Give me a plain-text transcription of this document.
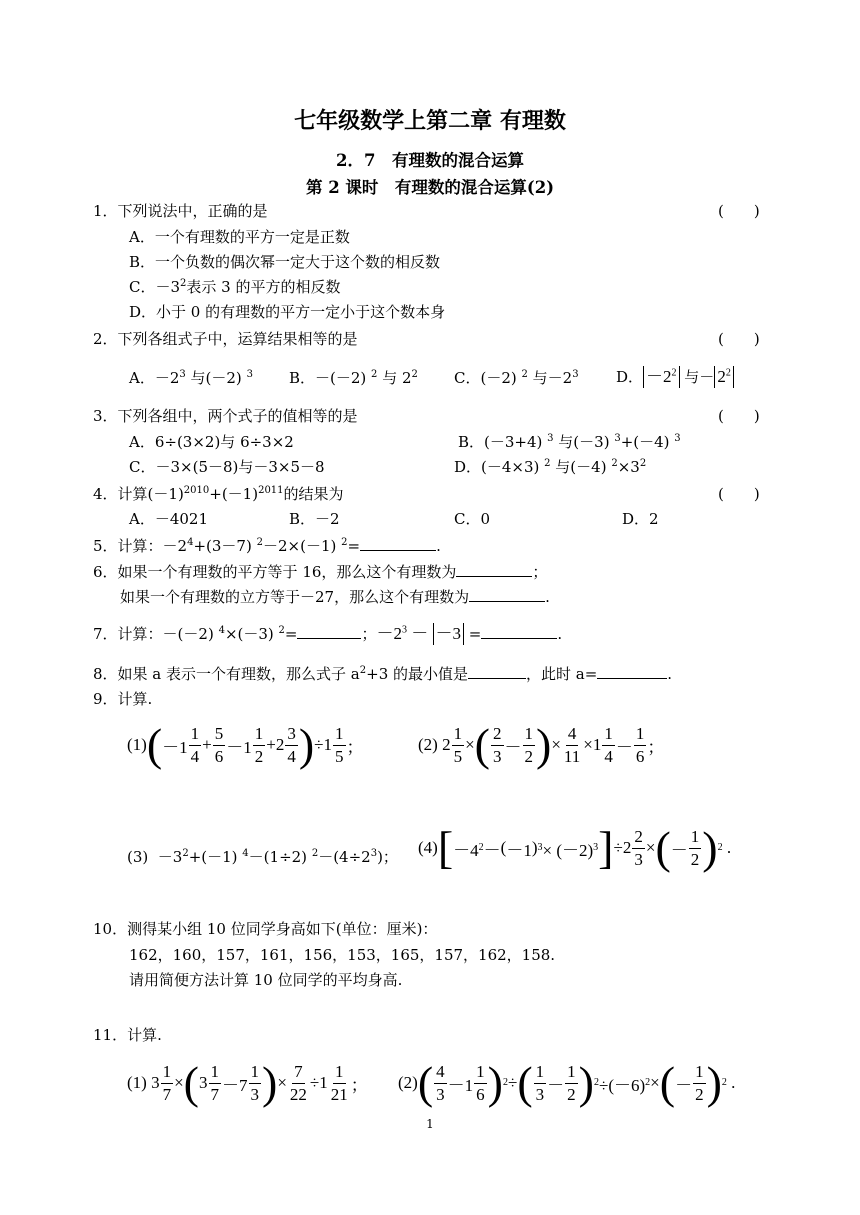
七年级数学上第二章 有理数
2．7　有理数的混合运算
第 2 课时　有理数的混合运算(2)
1．下列说法中，正确的是	(　　)
A．一个有理数的平方一定是正数
B．一个负数的偶次幂一定大于这个数的相反数
C．$-3^2$表示 3 的平方的相反数
D．小于 0 的有理数的平方一定小于这个数本身
2．下列各组式子中，运算结果相等的是	(　　)
A．$-2^3$ 与(－2) $^3$ B．－(－2) $^2$ 与 $2^2$ C．(－2) $^2$ 与$-2^3$ D． $-2^2$ 与－ $2^2$
3．下列各组中，两个式子的值相等的是	(　　)
A．6÷(3×2)与 6÷3×2	B．(－3+4) $^3$ 与(－3) $^3$+(－4) $^3$
C．－3×(5－8)与－3×5－8	D．(－4×3) $^2$ 与(－4) $^2\times 3^2$
4．计算$(-1)^{2010}+(-1)^{2011}$的结果为	(　　)
A．－4021	B．－2	C．0	D．2
5．计算：$-2^4+(3-7)$ $^2$－2×(－1) $^2$=	.
6．如果一个有理数的平方等于 16，那么这个有理数为	；
如果一个有理数的立方等于－27，那么这个有理数为	.
7．计算：－(－2) $^4$×(－3) $^2$=	；$-2^3 - -3$ =	.
8．如果 a 表示一个有理数，那么式子 $a^2+3$ 的最小值是	，此时 a=	.
9．计算.
(1) ( $-1 \frac{1}{4} + \frac{5}{6} -1 \frac{1}{2} +2 \frac{3}{4}$ ) $\div 1 \frac{1}{5}$ ；	(2) $2 \frac{1}{5}$ × ( $\frac{2}{3} - \frac{1}{2}$ ) × $\frac{4}{11} \times 1 \frac{1}{4} - \frac{1}{6}$ ；
$(3) -3^2+(-1)$ $^4$－(1÷2) $^2-(4\div 2^3)$； (4) [ －4 2 － ( －1 ) 3 × (－2) 3 ] $\div 2 \frac{2}{3}$ × ( － $\frac{1}{2}$ ) 2 .
10．测得某小组 10 位同学身高如下(单位：厘米)：
162，160，157，161，156，153，165，157，162，158.
请用简便方法计算 10 位同学的平均身高.
11．计算.
(1) $3 \frac{1}{7}$ × ( $3 \frac{1}{7} -7 \frac{1}{3}$ ) × $\frac{7}{22} \div 1 \frac{1}{21}$ ； (2) ( $\frac{4}{3} -1 \frac{1}{6}$ ) 2 ÷ ( $\frac{1}{3} - \frac{1}{2}$ ) 2 ÷(－6) 2 × ( － $\frac{1}{2}$ ) 2 .
1
